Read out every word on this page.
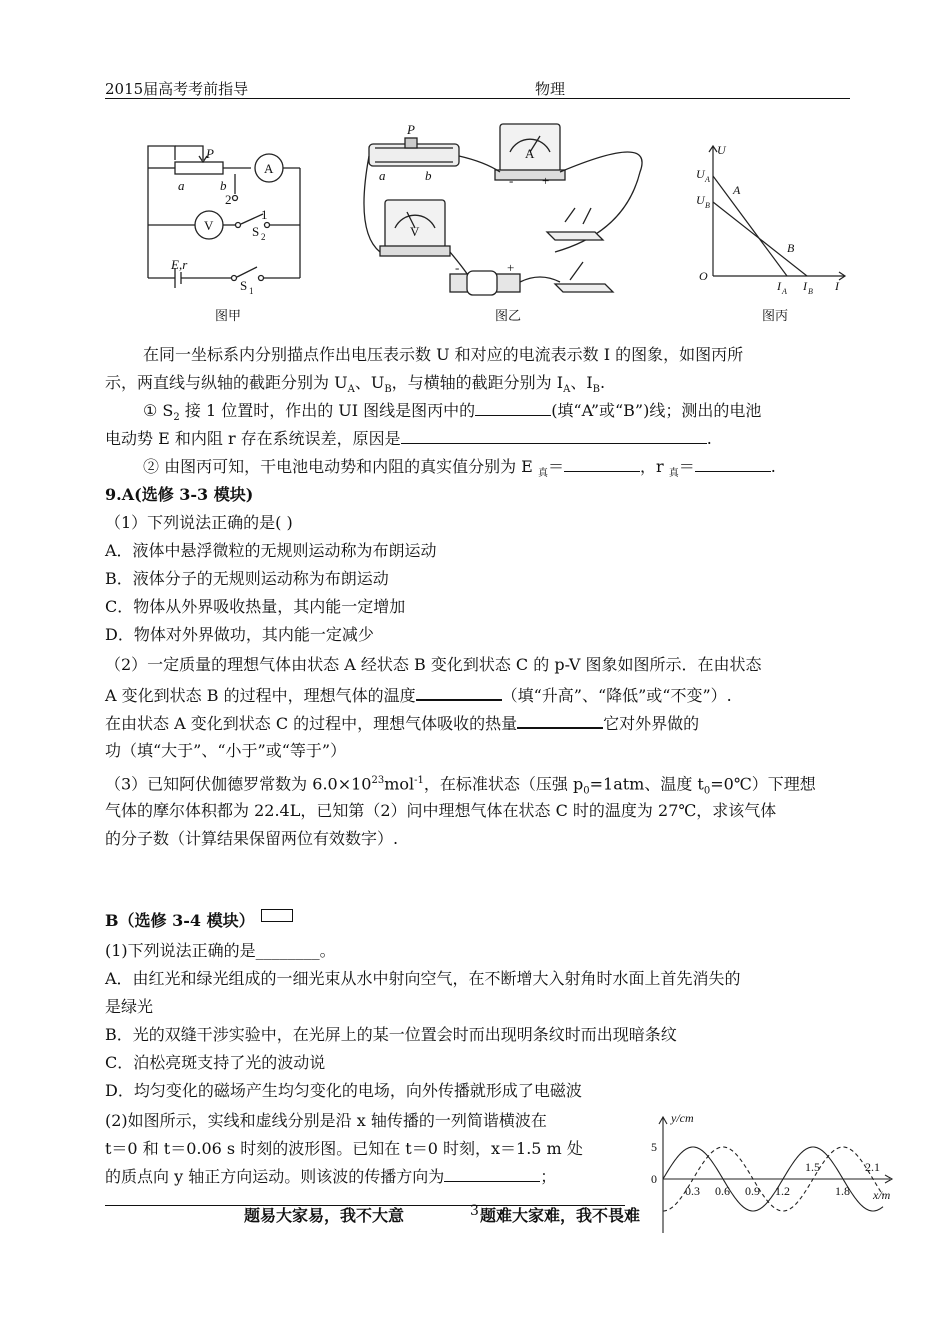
2015届高考考前指导	物理
P
a	b
E,r
2
1
A
V	S 2
S 1
图甲
P
a	b
A
V
- +
-	+
图乙
U
U A
U B
A
B
O
I A I B I
图丙
在同一坐标系内分别描点作出电压表示数 U 和对应的电流表示数 I 的图象，如图丙所
示，两直线与纵轴的截距分别为 $U_A$、$U_B$，与横轴的截距分别为 $I_A$、$I_B$.
① $S_2$ 接 1 位置时，作出的 UI 图线是图丙中的	(填“A”或“B”)线；测出的电池
电动势 E 和内阻 r 存在系统误差，原因是	.
② 由图丙可知，干电池电动势和内阻的真实值分别为 E $_真$＝	，r $_真$＝	.
9.A(选修 3-3 模块)
（1）下列说法正确的是( )
A．液体中悬浮微粒的无规则运动称为布朗运动
B．液体分子的无规则运动称为布朗运动
C．物体从外界吸收热量，其内能一定增加
D．物体对外界做功，其内能一定减少
（2）一定质量的理想气体由状态 A 经状态 B 变化到状态 C 的 p-V 图象如图所示．在由状态
A 变化到状态 B 的过程中，理想气体的温度	（填“升高”、“降低”或“不变”）.
在由状态 A 变化到状态 C 的过程中，理想气体吸收的热量	它对外界做的
功（填“大于”、“小于”或“等于”）
（3）已知阿伏伽德罗常数为 $6.0\times 10^{23}mol^{-1}$，在标准状态（压强 $p_0=1atm$、温度 $t_0=0℃$）下理想
气体的摩尔体积都为 22.4L，已知第（2）问中理想气体在状态 C 时的温度为 27℃，求该气体
的分子数（计算结果保留两位有效数字）.
B（选修 3-4 模块）
(1)下列说法正确的是________。
A．由红光和绿光组成的一细光束从水中射向空气，在不断增大入射角时水面上首先消失的
是绿光
B．光的双缝干涉实验中，在光屏上的某一位置会时而出现明条纹时而出现暗条纹
C．泊松亮斑支持了光的波动说
D．均匀变化的磁场产生均匀变化的电场，向外传播就形成了电磁波
(2)如图所示，实线和虚线分别是沿 x 轴传播的一列简谐横波在
t＝0 和 t＝0.06 s 时刻的波形图。已知在 t＝0 时刻，x＝1.5 m 处
的质点向 y 轴正方向运动。则该波的传播方向为	；
0.3 0.6 0.9 1.2
1.5
1.8
2.1
5
0
y/cm
x/m
题易大家易，我不大意	3 题难大家难，我不畏难
